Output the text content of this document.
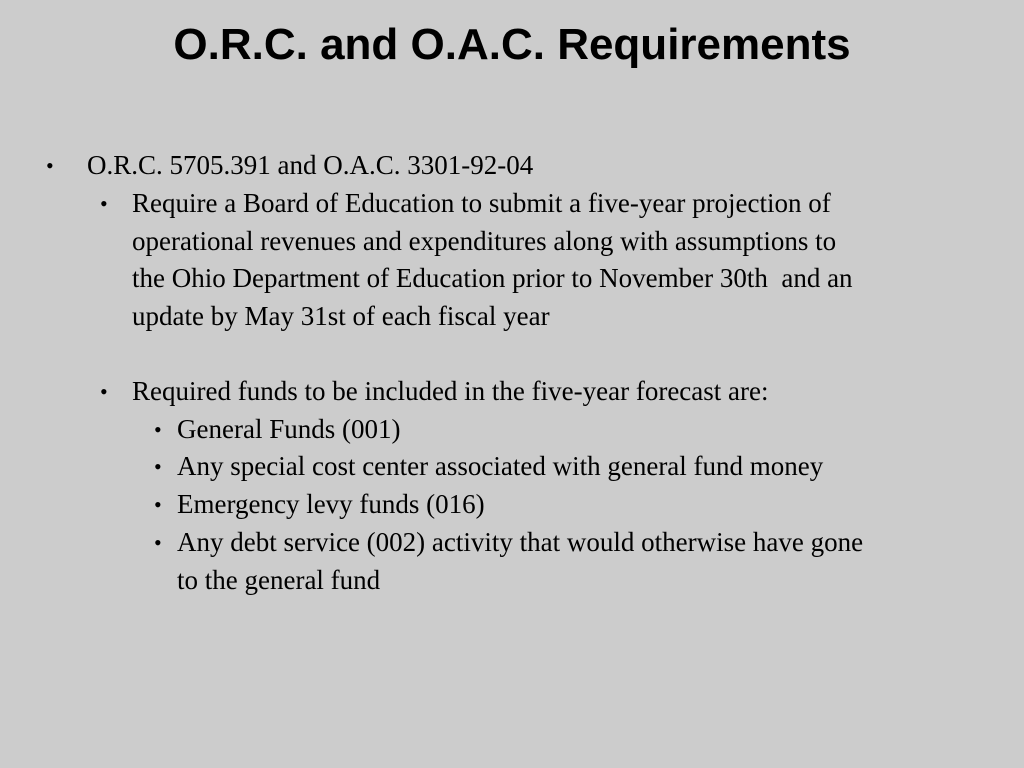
O.R.C. and O.A.C. Requirements
• O.R.C. 5705.391 and O.A.C. 3301-92-04
• Require a Board of Education to submit a five-year projection of
operational revenues and expenditures along with assumptions to
the Ohio Department of Education prior to November 30th  and an
update by May 31st of each fiscal year
• Required funds to be included in the five-year forecast are:
• General Funds (001)
• Any special cost center associated with general fund money
• Emergency levy funds (016)
• Any debt service (002) activity that would otherwise have gone
to the general fund
